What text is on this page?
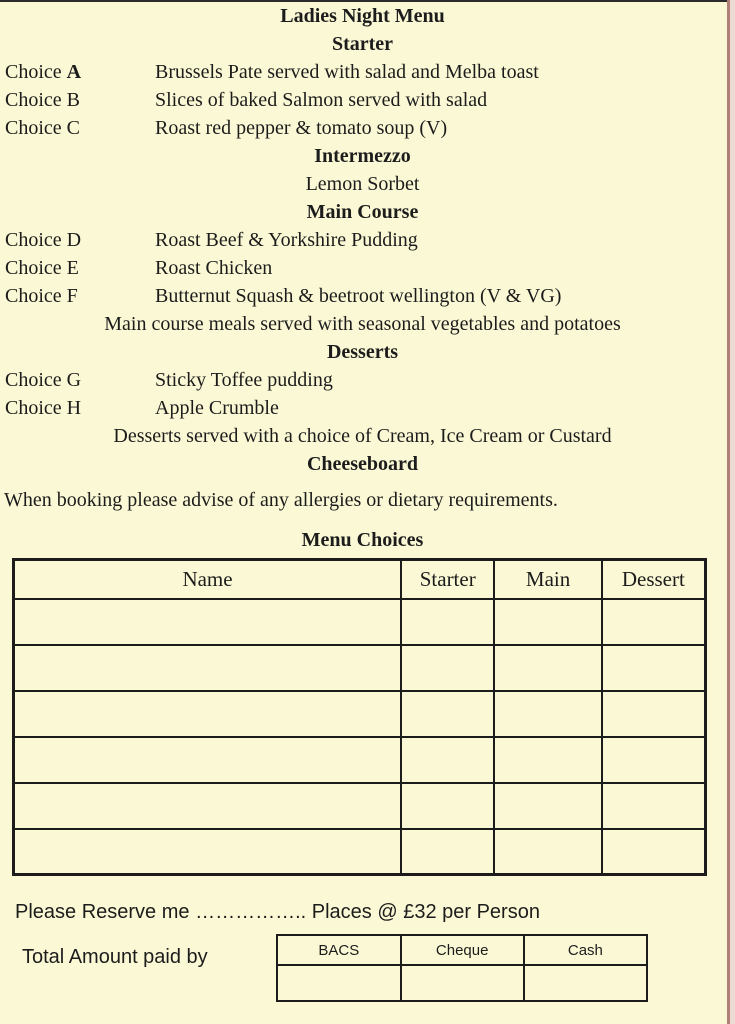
Ladies Night Menu
Starter
Choice A	Brussels Pate served with salad and Melba toast
Choice B	Slices of baked Salmon served with salad
Choice C	Roast red pepper & tomato soup (V)
Intermezzo
Lemon Sorbet
Main Course
Choice D	Roast Beef & Yorkshire Pudding
Choice E	Roast Chicken
Choice F	Butternut Squash & beetroot wellington (V & VG)
Main course meals served with seasonal vegetables and potatoes
Desserts
Choice G	Sticky Toffee pudding
Choice H	Apple Crumble
Desserts served with a choice of Cream, Ice Cream or Custard
Cheeseboard
When booking please advise of any allergies or dietary requirements.
Menu Choices
Name	Starter	Main	Dessert

Please Reserve me …………….. Places @ £32 per Person
Total Amount paid by	BACS	Cheque	Cash
